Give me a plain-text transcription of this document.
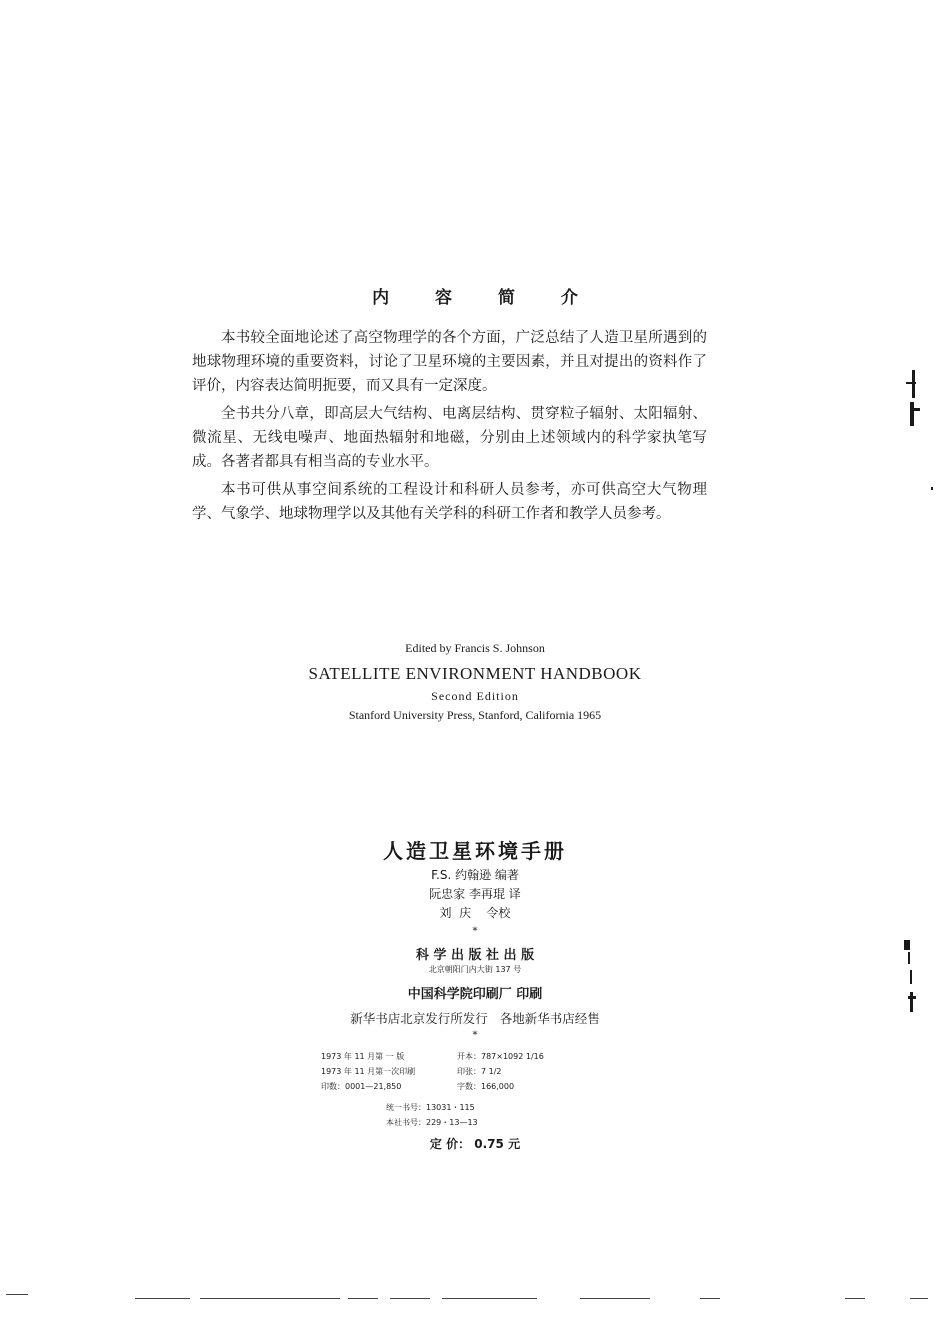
内 容 简 介

本书较全面地论述了高空物理学的各个方面，广泛总结了人造卫星所遇到的地球物理环境的重要资料，讨论了卫星环境的主要因素，并且对提出的资料作了评价，内容表达简明扼要，而又具有一定深度。

全书共分八章，即高层大气结构、电离层结构、贯穿粒子辐射、太阳辐射、微流星、无线电噪声、地面热辐射和地磁，分别由上述领域内的科学家执笔写成。各著者都具有相当高的专业水平。

本书可供从事空间系统的工程设计和科研人员参考，亦可供高空大气物理学、气象学、地球物理学以及其他有关学科的科研工作者和教学人员参考。

Edited by Francis S. Johnson
SATELLITE ENVIRONMENT HANDBOOK
Second Edition
Stanford University Press, Stanford, California 1965
人造卫星环境手册
F.S. 约翰逊 编著
阮忠家 李再琨 译
刘  庆    令校
*
科 学 出 版 社 出 版
北京朝阳门内大街 137 号
中国科学院印刷厂 印刷
新华书店北京发行所发行   各地新华书店经售
*
1973 年 11 月第 一 版	开本：787×1092 1/16
1973 年 11 月第一次印刷	印张：7 1/2
印数：0001—21,850	字数：166,000
统一书号：13031・115
本社书号：229・13—13
定 价： 0.75 元
